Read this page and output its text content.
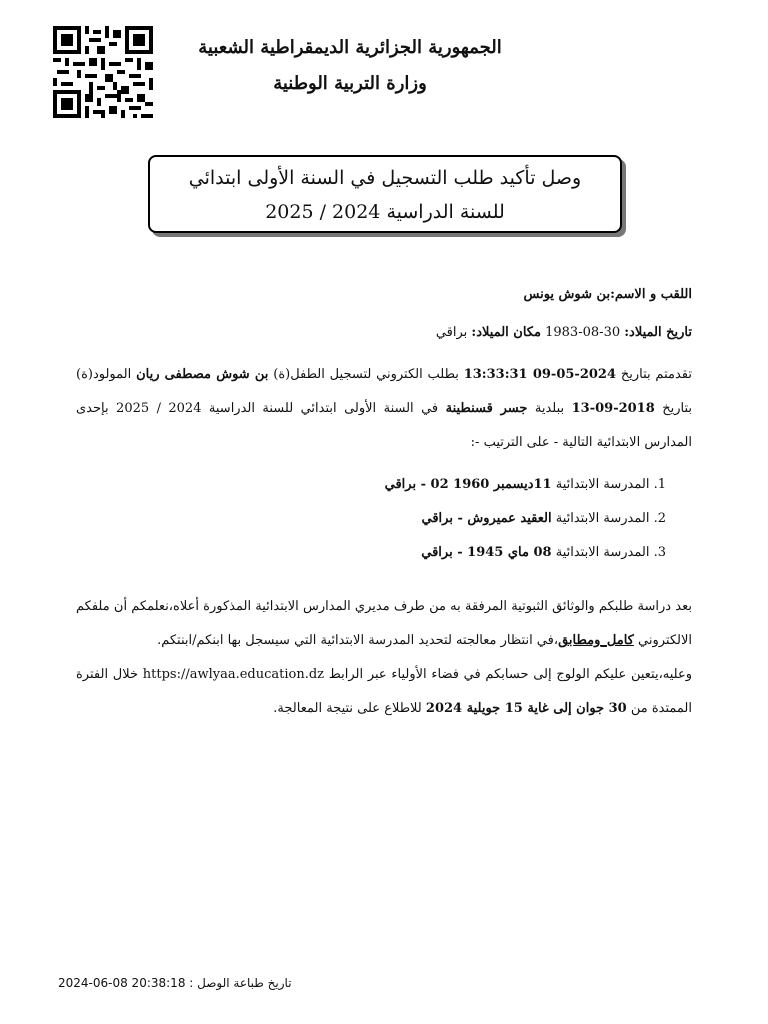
الجمهورية الجزائرية الديمقراطية الشعبية
وزارة التربية الوطنية
وصل تأكيد طلب التسجيل في السنة الأولى ابتدائي
للسنة الدراسية 2024 / 2025
اللقب و الاسم:بن شوش يونس
تاريخ الميلاد: 30-08-1983 مكان الميلاد: براقي

تقدمتم بتاريخ 2024-05-09 13:33:31 بطلب الكتروني لتسجيل الطفل(ة) بن شوش مصطفى ريان المولود(ة) بتاريخ 2018-09-13 ببلدية جسر قسنطينة في السنة الأولى ابتدائي للسنة الدراسية 2024 / 2025 بإحدى المدارس الابتدائية التالية - على الترتيب -:

1. المدرسة الابتدائية 11ديسمبر 1960 02 - براقي
2. المدرسة الابتدائية العقيد عميروش - براقي
3. المدرسة الابتدائية 08 ماي 1945 - براقي

بعد دراسة طلبكم والوثائق الثبوتية المرفقة به من طرف مديري المدارس الابتدائية المذكورة أعلاه،نعلمكم أن ملفكم الالكتروني كامل_ومطابق،في انتظار معالجته لتحديد المدرسة الابتدائية التي سيسجل بها ابنكم/ابنتكم.

وعليه،يتعين عليكم الولوج إلى حسابكم في فضاء الأولياء عبر الرابط https://awlyaa.education.dz خلال الفترة الممتدة من 30 جوان إلى غاية 15 جويلية 2024 للاطلاع على نتيجة المعالجة.

تاريخ طباعة الوصل : 2024-06-08 20:38:18
